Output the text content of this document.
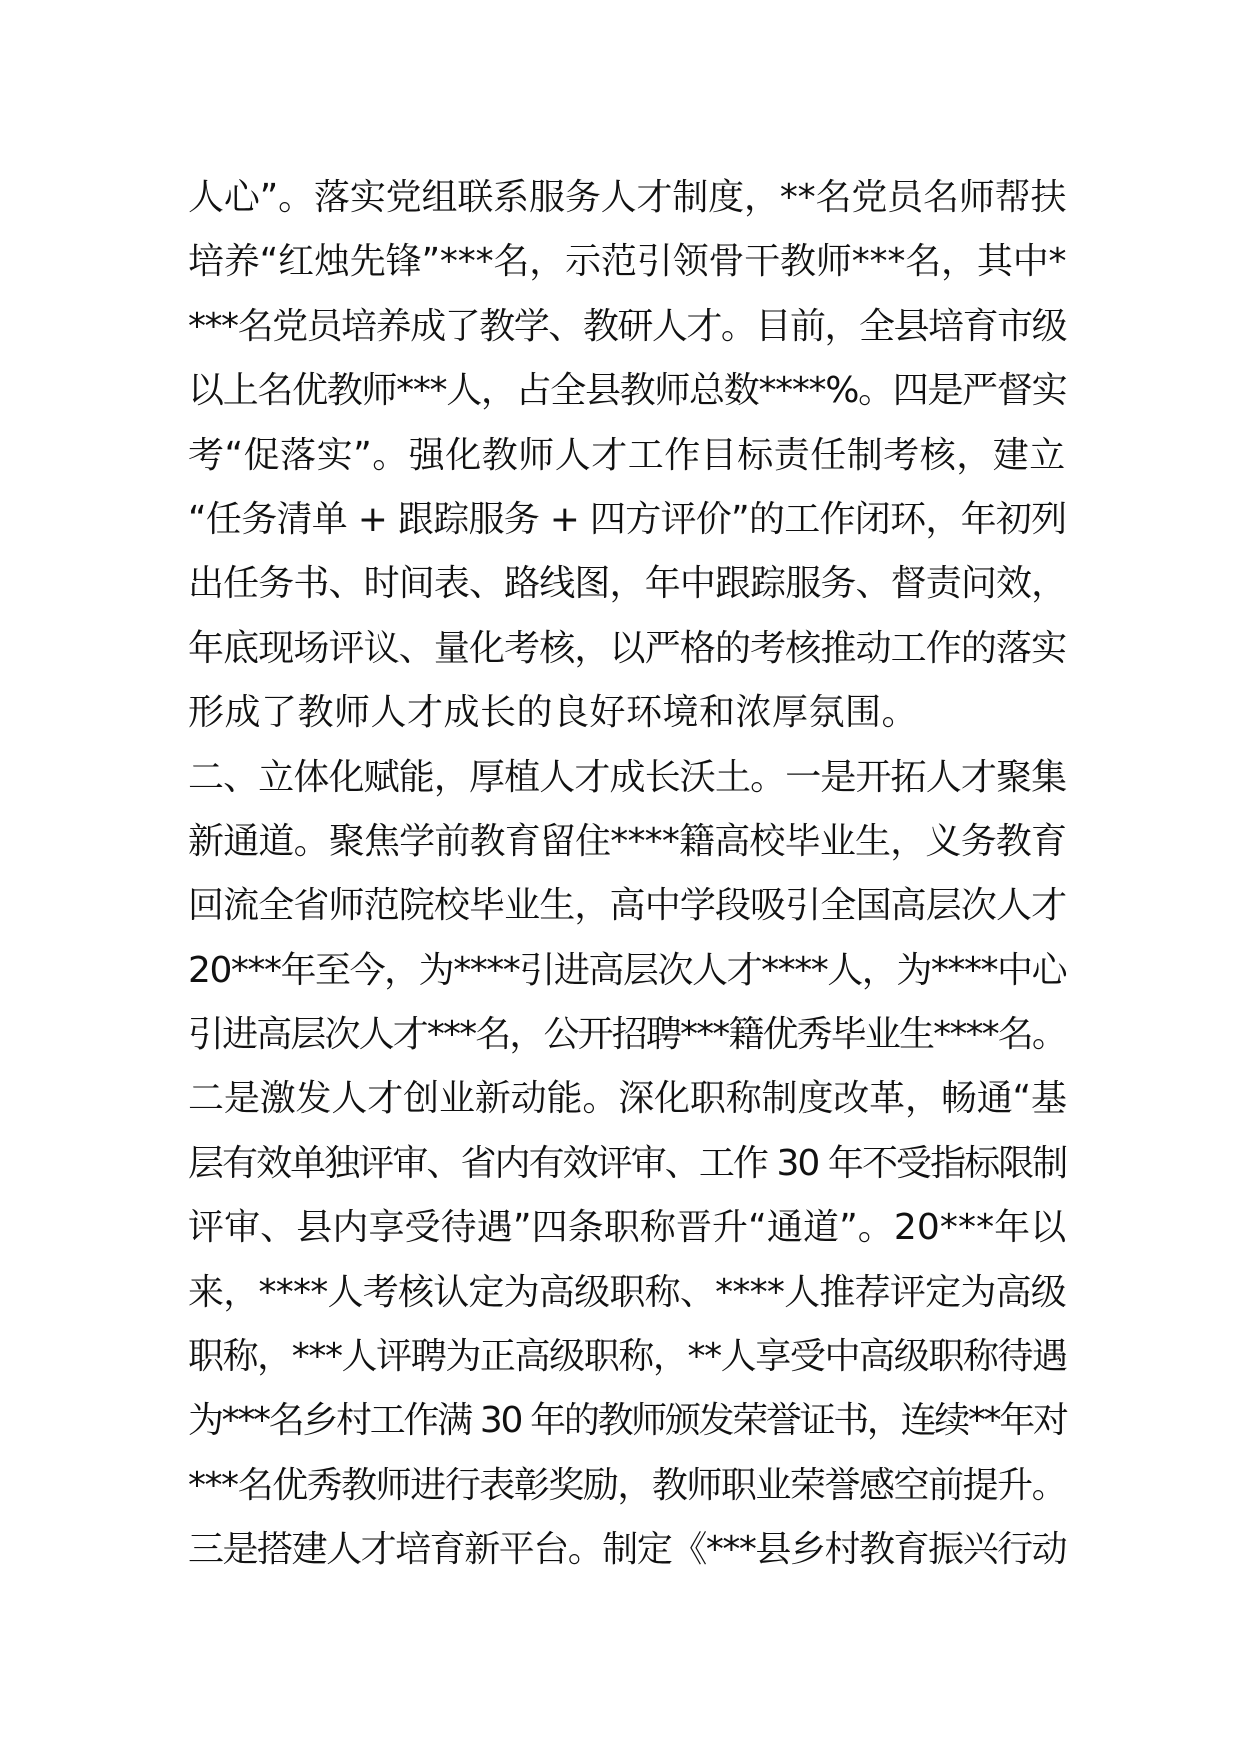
人心”。落实党组联系服务人才制度，**名党员名师帮扶
培养“红烛先锋”***名，示范引领骨干教师***名，其中*
***名党员培养成了教学、教研人才。目前，全县培育市级
以上名优教师***人，占全县教师总数****%。四是严督实
考“促落实”。强化教师人才工作目标责任制考核，建立
“任务清单 + 跟踪服务 + 四方评价”的工作闭环，年初列
出任务书、时间表、路线图，年中跟踪服务、督责问效，
年底现场评议、量化考核，以严格的考核推动工作的落实
形成了教师人才成长的良好环境和浓厚氛围。
二、立体化赋能，厚植人才成长沃土。一是开拓人才聚集
新通道。聚焦学前教育留住****籍高校毕业生，义务教育
回流全省师范院校毕业生，高中学段吸引全国高层次人才
20***年至今，为****引进高层次人才****人，为****中心
引进高层次人才***名，公开招聘***籍优秀毕业生****名。
二是激发人才创业新动能。深化职称制度改革，畅通“基
层有效单独评审、省内有效评审、工作 30 年不受指标限制
评审、县内享受待遇”四条职称晋升“通道”。20***年以
来，****人考核认定为高级职称、****人推荐评定为高级
职称，***人评聘为正高级职称，**人享受中高级职称待遇
为***名乡村工作满 30 年的教师颁发荣誉证书，连续**年对
***名优秀教师进行表彰奖励，教师职业荣誉感空前提升。
三是搭建人才培育新平台。制定《***县乡村教育振兴行动
